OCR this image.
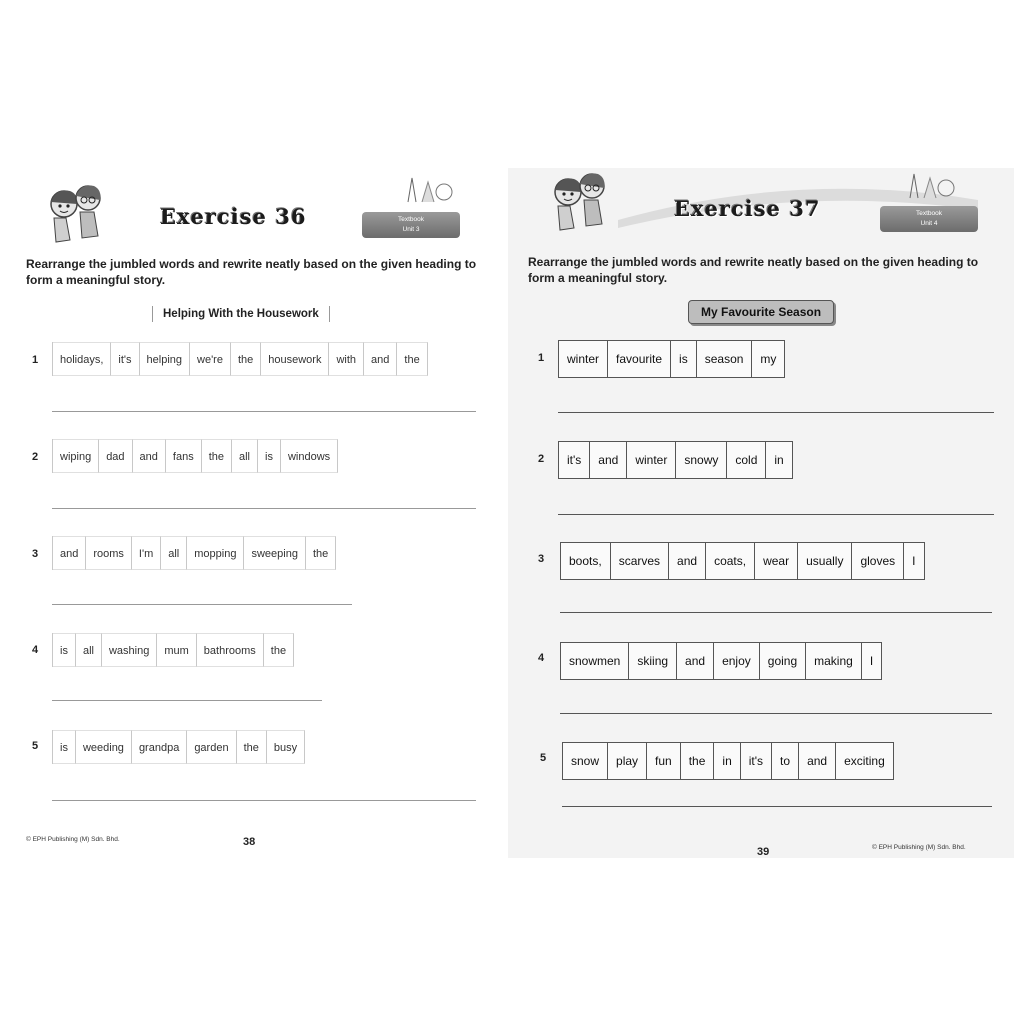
Exercise 36	Textbook
Unit 3
Rearrange the jumbled words and rewrite neatly based on the given heading to form a meaningful story.
Helping With the Housework
1	holidays,	it's	helping	we're	the	housework	with	and	the
2	wiping	dad	and	fans	the	all	is	windows
3	and	rooms	I'm	all	mopping	sweeping	the
4	is	all	washing	mum	bathrooms	the
5	is	weeding	grandpa	garden	the	busy
© EPH Publishing (M) Sdn. Bhd.	38
Exercise 37	Textbook
Unit 4
Rearrange the jumbled words and rewrite neatly based on the given heading to form a meaningful story.
My Favourite Season
1	winter	favourite	is	season	my
2	it's	and	winter	snowy	cold	in
3	boots,	scarves	and	coats,	wear	usually	gloves	I
4	snowmen	skiing	and	enjoy	going	making	I
5	snow	play	fun	the	in	it's	to	and	exciting
39	© EPH Publishing (M) Sdn. Bhd.
